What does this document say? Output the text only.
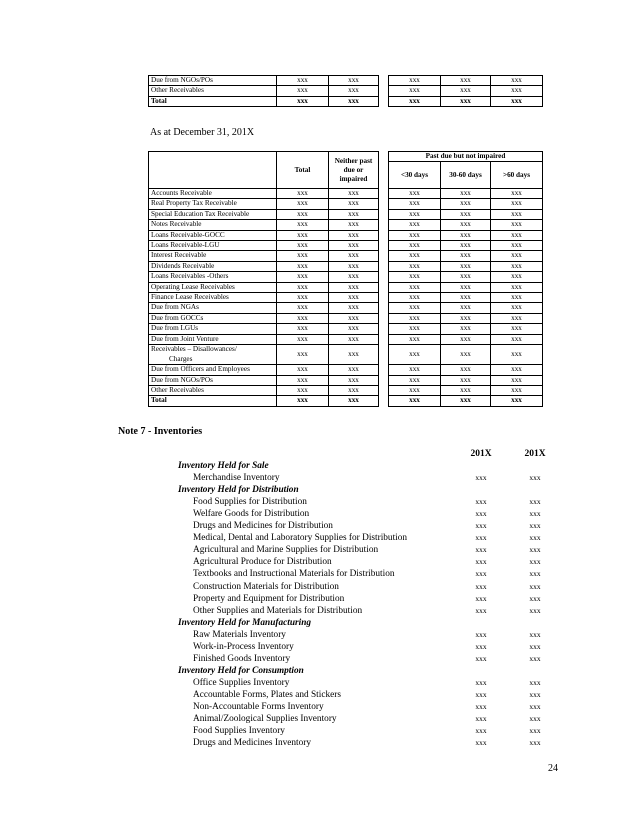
Due from NGOs/POs	xxx	xxx		xxx	xxx	xxx
Other Receivables	xxx	xxx		xxx	xxx	xxx
Total	xxx	xxx		xxx	xxx	xxx
As at December 31, 201X
	Total	Neither past due or impaired		Past due but not impaired		
				<30 days	30-60 days	>60 days
Accounts Receivable	xxx	xxx		xxx	xxx	xxx
Real Property Tax Receivable	xxx	xxx		xxx	xxx	xxx
Special Education Tax Receivable	xxx	xxx		xxx	xxx	xxx
Notes Receivable	xxx	xxx		xxx	xxx	xxx
Loans Receivable-GOCC	xxx	xxx		xxx	xxx	xxx
Loans Receivable-LGU	xxx	xxx		xxx	xxx	xxx
Interest Receivable	xxx	xxx		xxx	xxx	xxx
Dividends Receivable	xxx	xxx		xxx	xxx	xxx
Loans Receivables -Others	xxx	xxx		xxx	xxx	xxx
Operating Lease Receivables	xxx	xxx		xxx	xxx	xxx
Finance Lease Receivables	xxx	xxx		xxx	xxx	xxx
Due from NGAs	xxx	xxx		xxx	xxx	xxx
Due from GOCCs	xxx	xxx		xxx	xxx	xxx
Due from LGUs	xxx	xxx		xxx	xxx	xxx
Due from Joint Venture	xxx	xxx		xxx	xxx	xxx

Receivables – Disallowances/
Charges	xxx	xxx		xxx	xxx	xxx
Due from Officers and Employees	xxx	xxx		xxx	xxx	xxx
Due from NGOs/POs	xxx	xxx		xxx	xxx	xxx
Other Receivables	xxx	xxx		xxx	xxx	xxx
Total	xxx	xxx		xxx	xxx	xxx
Note 7 - Inventories
201X	201X
Inventory Held for Sale
Merchandise Inventory	xxx	xxx
Inventory Held for Distribution
Food Supplies for Distribution	xxx	xxx
Welfare Goods for Distribution	xxx	xxx
Drugs and Medicines for Distribution	xxx	xxx
Medical, Dental and Laboratory Supplies for Distribution	xxx	xxx
Agricultural and Marine Supplies for Distribution	xxx	xxx
Agricultural Produce for Distribution	xxx	xxx
Textbooks and Instructional Materials for Distribution	xxx	xxx
Construction Materials for Distribution	xxx	xxx
Property and Equipment for Distribution	xxx	xxx
Other Supplies and Materials for Distribution	xxx	xxx
Inventory Held for Manufacturing
Raw Materials Inventory	xxx	xxx
Work-in-Process Inventory	xxx	xxx
Finished Goods Inventory	xxx	xxx
Inventory Held for Consumption
Office Supplies Inventory	xxx	xxx
Accountable Forms, Plates and Stickers	xxx	xxx
Non-Accountable Forms Inventory	xxx	xxx
Animal/Zoological Supplies Inventory	xxx	xxx
Food Supplies Inventory	xxx	xxx
Drugs and Medicines Inventory	xxx	xxx
24
